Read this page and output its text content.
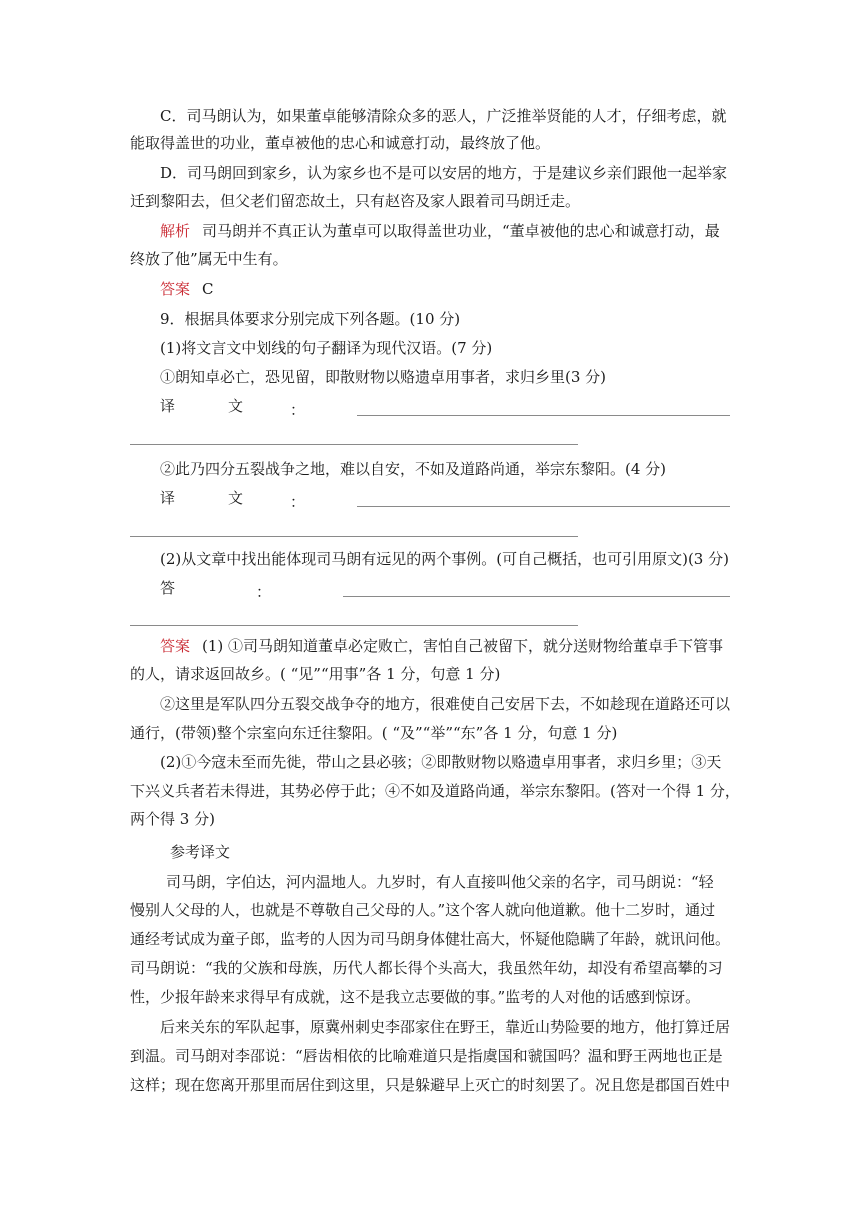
C．司马朗认为，如果董卓能够清除众多的恶人，广泛推举贤能的人才，仔细考虑，就
能取得盖世的功业，董卓被他的忠心和诚意打动，最终放了他。
D．司马朗回到家乡，认为家乡也不是可以安居的地方，于是建议乡亲们跟他一起举家
迁到黎阳去，但父老们留恋故土，只有赵咨及家人跟着司马朗迁走。
解析 司马朗并不真正认为董卓可以取得盖世功业，“董卓被他的忠心和诚意打动，最
终放了他”属无中生有。
答案 C
9．根据具体要求分别完成下列各题。(10 分)
(1)将文言文中划线的句子翻译为现代汉语。(7 分)
①朗知卓必亡，恐见留，即散财物以赂遗卓用事者，求归乡里(3 分)
译	文	：
②此乃四分五裂战争之地，难以自安，不如及道路尚通，举宗东黎阳。(4 分)
译	文	：
(2)从文章中找出能体现司马朗有远见的两个事例。(可自己概括，也可引用原文)(3 分)
答	：
答案 (1) ①司马朗知道董卓必定败亡，害怕自己被留下，就分送财物给董卓手下管事
的人，请求返回故乡。( “见”“用事”各 1 分，句意 1 分)
②这里是军队四分五裂交战争夺的地方，很难使自己安居下去，不如趁现在道路还可以
通行，(带领)整个宗室向东迁往黎阳。( “及”“举”“东”各 1 分，句意 1 分)
(2)①今寇未至而先徙，带山之县必骇；②即散财物以赂遗卓用事者，求归乡里；③天
下兴义兵者若未得进，其势必停于此；④不如及道路尚通，举宗东黎阳。(答对一个得 1 分，
两个得 3 分)
参考译文
司马朗，字伯达，河内温地人。九岁时，有人直接叫他父亲的名字，司马朗说：“轻
慢别人父母的人，也就是不尊敬自己父母的人。”这个客人就向他道歉。他十二岁时，通过
通经考试成为童子郎，监考的人因为司马朗身体健壮高大，怀疑他隐瞒了年龄，就讯问他。
司马朗说：“我的父族和母族，历代人都长得个头高大，我虽然年幼，却没有希望高攀的习
性，少报年龄来求得早有成就，这不是我立志要做的事。”监考的人对他的话感到惊讶。
后来关东的军队起事，原冀州刺史李邵家住在野王，靠近山势险要的地方，他打算迁居
到温。司马朗对李邵说：“唇齿相依的比喻难道只是指虞国和虢国吗？温和野王两地也正是
这样；现在您离开那里而居住到这里，只是躲避早上灭亡的时刻罢了。况且您是郡国百姓中
